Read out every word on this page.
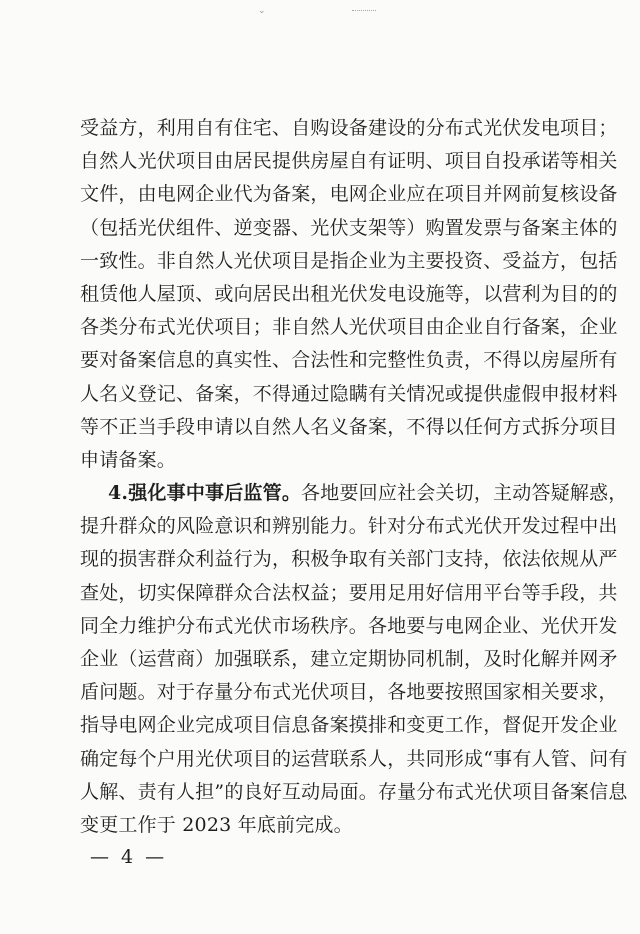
⌄
受益方，利用自有住宅、自购设备建设的分布式光伏发电项目；
自然人光伏项目由居民提供房屋自有证明、项目自投承诺等相关
文件，由电网企业代为备案，电网企业应在项目并网前复核设备
（包括光伏组件、逆变器、光伏支架等）购置发票与备案主体的
一致性。非自然人光伏项目是指企业为主要投资、受益方，包括
租赁他人屋顶、或向居民出租光伏发电设施等，以营利为目的的
各类分布式光伏项目；非自然人光伏项目由企业自行备案，企业
要对备案信息的真实性、合法性和完整性负责，不得以房屋所有
人名义登记、备案，不得通过隐瞒有关情况或提供虚假申报材料
等不正当手段申请以自然人名义备案，不得以任何方式拆分项目
申请备案。
4.强化事中事后监管。各地要回应社会关切，主动答疑解惑，
提升群众的风险意识和辨别能力。针对分布式光伏开发过程中出
现的损害群众利益行为，积极争取有关部门支持，依法依规从严
查处，切实保障群众合法权益；要用足用好信用平台等手段，共
同全力维护分布式光伏市场秩序。各地要与电网企业、光伏开发
企业（运营商）加强联系，建立定期协同机制，及时化解并网矛
盾问题。对于存量分布式光伏项目，各地要按照国家相关要求，
指导电网企业完成项目信息备案摸排和变更工作，督促开发企业
确定每个户用光伏项目的运营联系人，共同形成“事有人管、问有
人解、责有人担”的良好互动局面。存量分布式光伏项目备案信息
变更工作于 2023 年底前完成。
— 4 —
